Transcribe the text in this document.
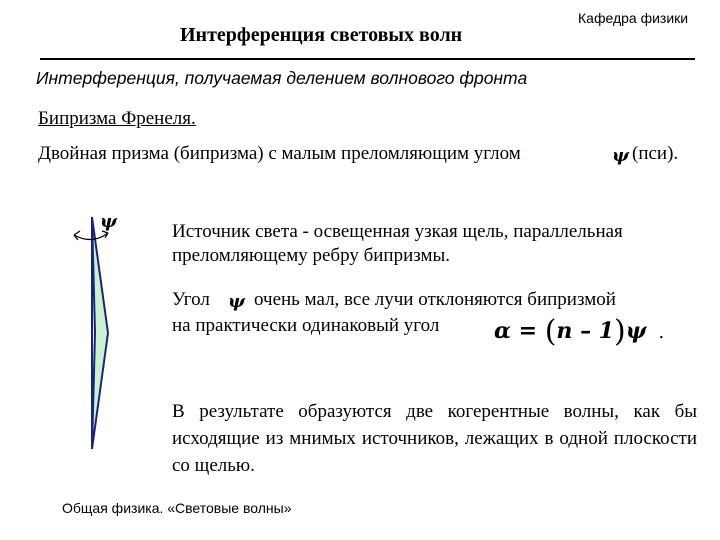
Интерференция световых волн
Кафедра физики
Интерференция, получаемая делением волнового фронта
Бипризма Френеля.
Двойная призма (бипризма) с малым преломляющим углом	ψ (пси).
ψ	Источник света - освещенная узкая щель, параллельная преломляющему ребру бипризмы.
Угол ψ очень мал, все лучи отклоняются бипризмой
на практически одинаковый угол α = (n – 1)ψ .
В результате образуются две когерентные волны, как бы исходящие из мнимых источников, лежащих в одной плоскости со щелью.
Общая физика. «Световые волны»
